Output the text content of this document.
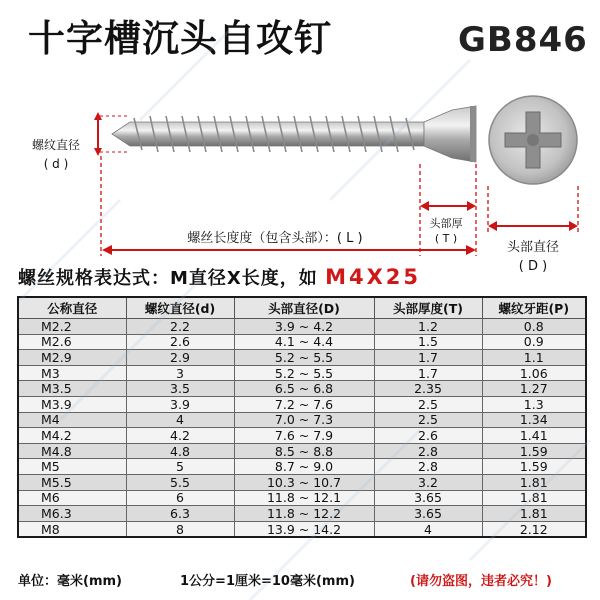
十字槽沉头自攻钉	GB846
螺纹直径
( d )
头部厚
( T )
螺丝长度度（包含头部）：( L )
头部直径
( D )
螺丝规格表达式：M直径X长度，如 M4X25
公称直径	螺纹直径(d)	头部直径(D)	头部厚度(T)	螺纹牙距(P)
M2.2	2.2	3.9 ~ 4.2	1.2	0.8
M2.6	2.6	4.1 ~ 4.4	1.5	0.9
M2.9	2.9	5.2 ~ 5.5	1.7	1.1
M3	3	5.2 ~ 5.5	1.7	1.06
M3.5	3.5	6.5 ~ 6.8	2.35	1.27
M3.9	3.9	7.2 ~ 7.6	2.5	1.3
M4	4	7.0 ~ 7.3	2.5	1.34
M4.2	4.2	7.6 ~ 7.9	2.6	1.41
M4.8	4.8	8.5 ~ 8.8	2.8	1.59
M5	5	8.7 ~ 9.0	2.8	1.59
M5.5	5.5	10.3 ~ 10.7	3.2	1.81
M6	6	11.8 ~ 12.1	3.65	1.81
M6.3	6.3	11.8 ~ 12.2	3.65	1.81
M8	8	13.9 ~ 14.2	4	2.12
单位：毫米(mm)	1公分=1厘米=10毫米(mm)	(请勿盗图，违者必究！)
